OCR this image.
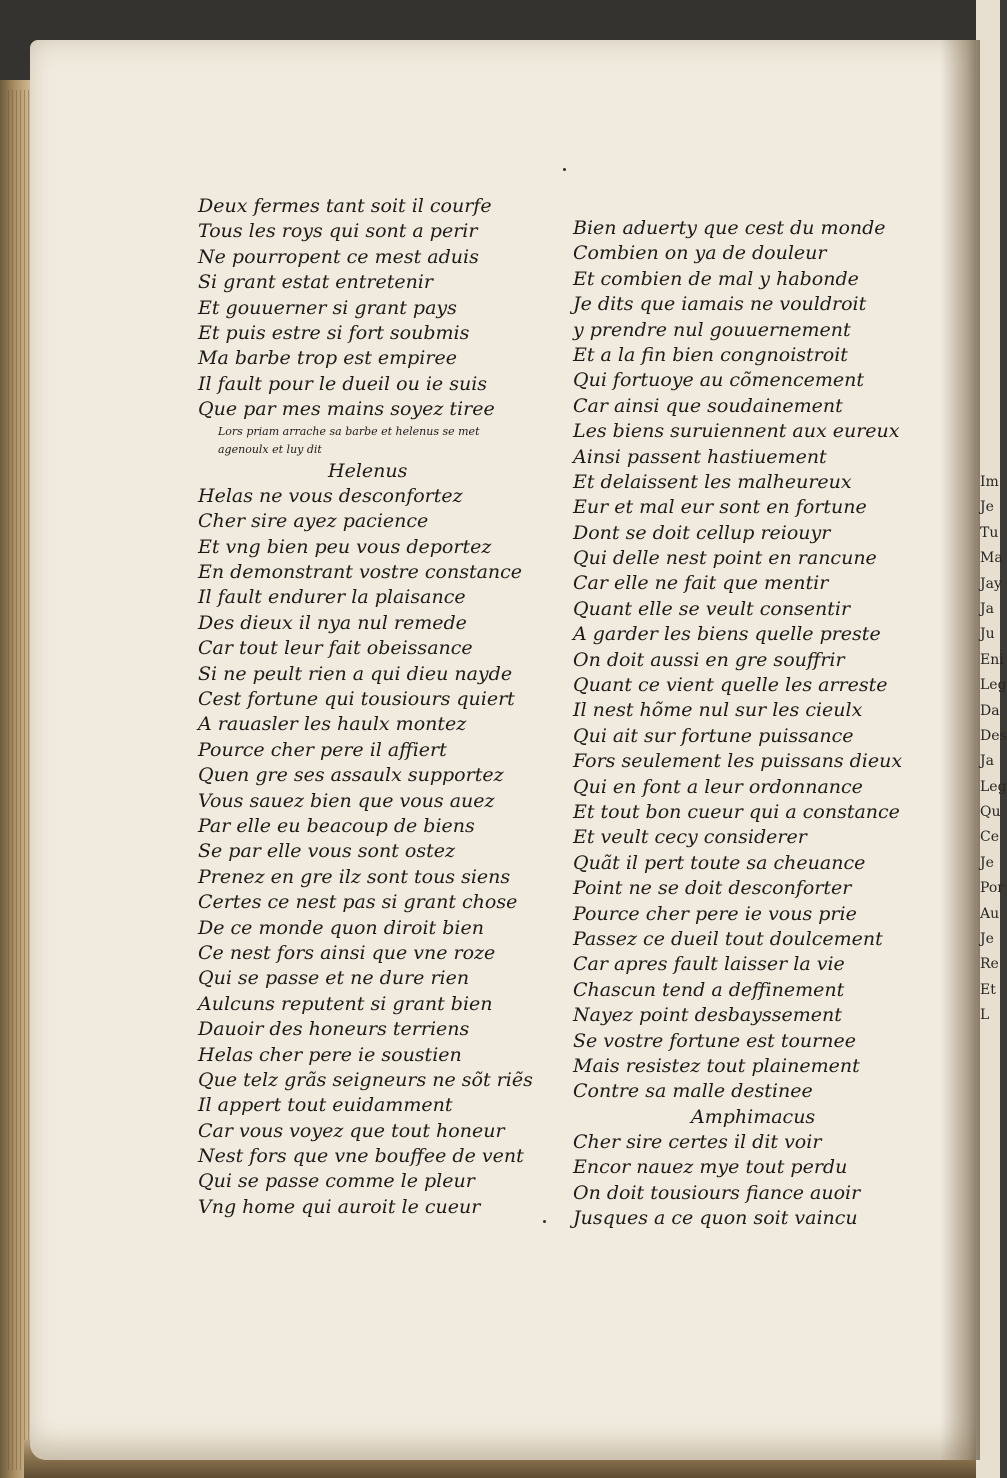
Deux fermes tant soit il courfe
Tous les roys qui sont a perir
Ne pourropent ce mest aduis
Si grant estat entretenir
Et gouuerner si grant pays
Et puis estre si fort soubmis
Ma barbe trop est empiree
Il fault pour le dueil ou ie suis
Que par mes mains soyez tiree
Lors priam arrache sa barbe et helenus se met
agenoulx et luy dit
Helenus
Helas ne vous desconfortez
Cher sire ayez pacience
Et vng bien peu vous deportez
En demonstrant vostre constance
Il fault endurer la plaisance
Des dieux il nya nul remede
Car tout leur fait obeissance
Si ne peult rien a qui dieu nayde
Cest fortune qui tousiours quiert
A rauasler les haulx montez
Pource cher pere il affiert
Quen gre ses assaulx supportez
Vous sauez bien que vous auez
Par elle eu beacoup de biens
Se par elle vous sont ostez
Prenez en gre ilz sont tous siens
Certes ce nest pas si grant chose
De ce monde quon diroit bien
Ce nest fors ainsi que vne roze
Qui se passe et ne dure rien
Aulcuns reputent si grant bien
Dauoir des honeurs terriens
Helas cher pere ie soustien
Que telz grãs seigneurs ne sõt riẽs
Il appert tout euidamment
Car vous voyez que tout honeur
Nest fors que vne bouffee de vent
Qui se passe comme le pleur
Vng home qui auroit le cueur
Bien aduerty que cest du monde
Combien on ya de douleur
Et combien de mal y habonde
Je dits que iamais ne vouldroit
y prendre nul gouuernement
Et a la fin bien congnoistroit
Qui fortuoye au cõmencement
Car ainsi que soudainement
Les biens suruiennent aux eureux
Ainsi passent hastiuement
Et delaissent les malheureux
Eur et mal eur sont en fortune
Dont se doit cellup reiouyr
Qui delle nest point en rancune
Car elle ne fait que mentir
Quant elle se veult consentir
A garder les biens quelle preste
On doit aussi en gre souffrir
Quant ce vient quelle les arreste
Il nest hõme nul sur les cieulx
Qui ait sur fortune puissance
Fors seulement les puissans dieux
Qui en font a leur ordonnance
Et tout bon cueur qui a constance
Et veult cecy considerer
Quãt il pert toute sa cheuance
Point ne se doit desconforter
Pource cher pere ie vous prie
Passez ce dueil tout doulcement
Car apres fault laisser la vie
Chascun tend a deffinement
Nayez point desbayssement
Se vostre fortune est tournee
Mais resistez tout plainement
Contre sa malle destinee
Amphimacus
Cher sire certes il dit voir
Encor nauez mye tout perdu
On doit tousiours fiance auoir
Jusques a ce quon soit vaincu
Im
Je
Tu
Ma
Jay
Ja
Ju
Eni
Leg
Da
Des
Ja
Leg
Qu
Ce
Je
Por
Au
Je
Re
Et
L
